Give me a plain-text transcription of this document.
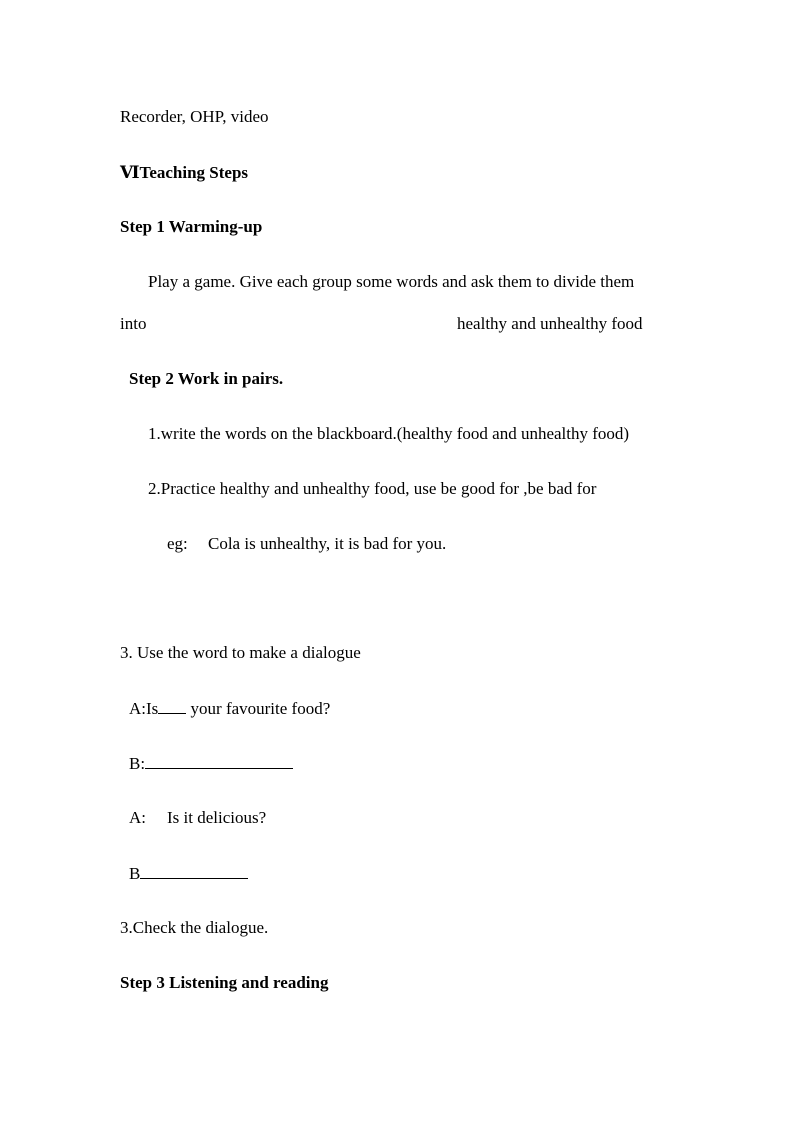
Recorder, OHP, video
ⅥTeaching Steps
Step 1 Warming-up
Play a game. Give each group some words and ask them to divide them
into	healthy and unhealthy food
Step 2 Work in pairs.
1.write the words on the blackboard.(healthy food and unhealthy food)
2.Practice healthy and unhealthy food, use be good for ,be bad for
eg: Cola is unhealthy, it is bad for you.
3. Use the word to make a dialogue
A:Is your favourite food?
B:
A: Is it delicious?
B
3.Check the dialogue.
Step 3 Listening and reading
